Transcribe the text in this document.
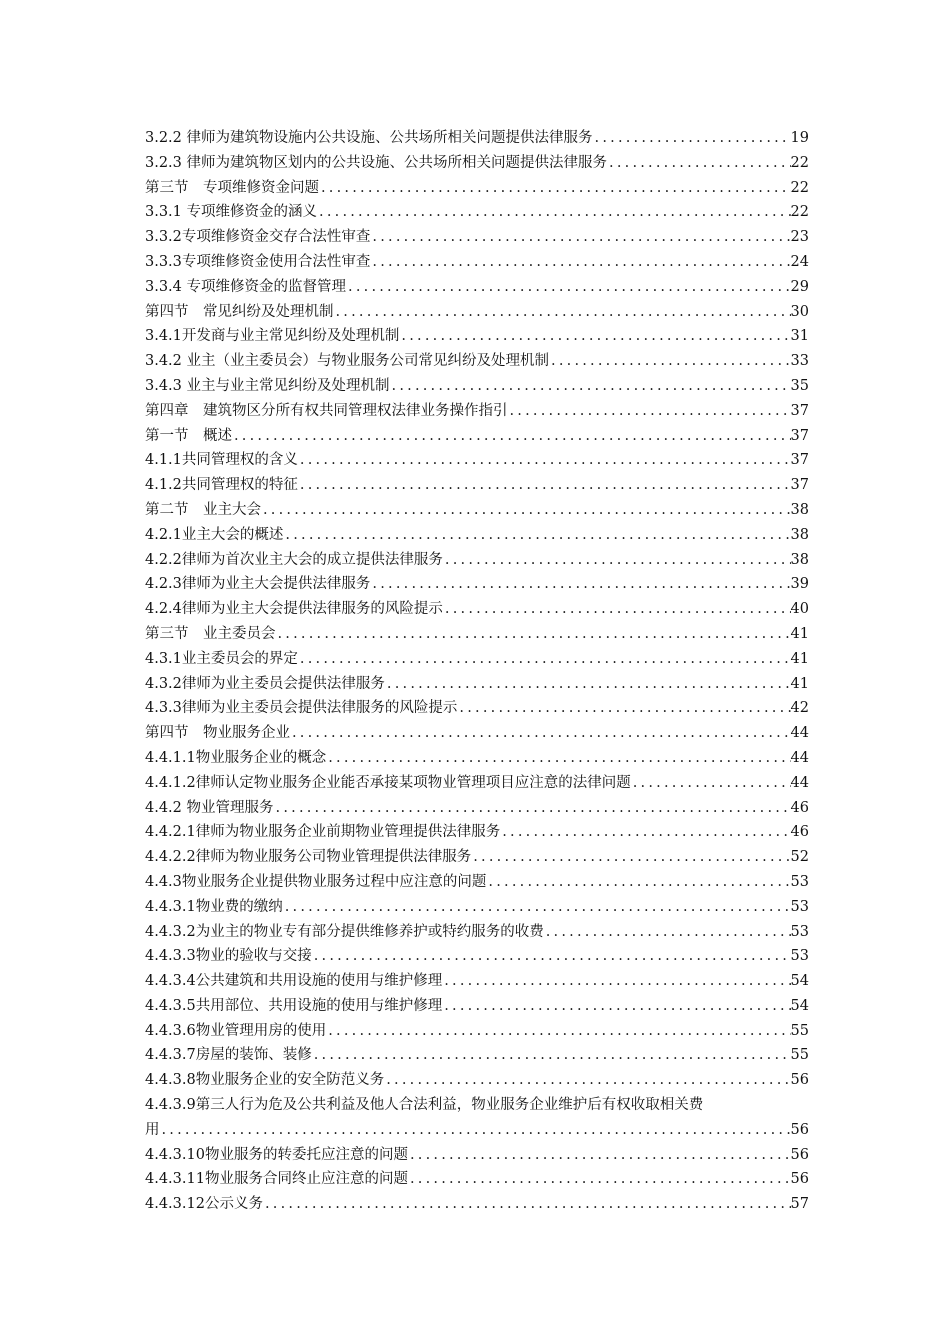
3.2.2 律师为建筑物设施内公共设施、公共场所相关问题提供法律服务 .....	19
3.2.3 律师为建筑物区划内的公共设施、公共场所相关问题提供法律服务 .....	22
第三节　专项维修资金问题 .....	22
3.3.1 专项维修资金的涵义 .....	22
3.3.2专项维修资金交存合法性审查 .....	23
3.3.3专项维修资金使用合法性审查 .....	24
3.3.4 专项维修资金的监督管理 .....	29
第四节　常见纠纷及处理机制 .....	30
3.4.1开发商与业主常见纠纷及处理机制 .....	31
3.4.2 业主（业主委员会）与物业服务公司常见纠纷及处理机制 .....	33
3.4.3 业主与业主常见纠纷及处理机制 .....	35
第四章　建筑物区分所有权共同管理权法律业务操作指引 .....	37
第一节　概述 .....	37
4.1.1共同管理权的含义 .....	37
4.1.2共同管理权的特征 .....	37
第二节　业主大会 .....	38
4.2.1业主大会的概述 .....	38
4.2.2律师为首次业主大会的成立提供法律服务 .....	38
4.2.3律师为业主大会提供法律服务 .....	39
4.2.4律师为业主大会提供法律服务的风险提示 .....	40
第三节　业主委员会 .....	41
4.3.1业主委员会的界定 .....	41
4.3.2律师为业主委员会提供法律服务 .....	41
4.3.3律师为业主委员会提供法律服务的风险提示 .....	42
第四节　物业服务企业 .....	44
4.4.1.1物业服务企业的概念 .....	44
4.4.1.2律师认定物业服务企业能否承接某项物业管理项目应注意的法律问题 .....	44
4.4.2 物业管理服务 .....	46
4.4.2.1律师为物业服务企业前期物业管理提供法律服务 .....	46
4.4.2.2律师为物业服务公司物业管理提供法律服务 .....	52
4.4.3物业服务企业提供物业服务过程中应注意的问题 .....	53
4.4.3.1物业费的缴纳 .....	53
4.4.3.2为业主的物业专有部分提供维修养护或特约服务的收费 .....	53
4.4.3.3物业的验收与交接 .....	53
4.4.3.4公共建筑和共用设施的使用与维护修理 .....	54
4.4.3.5共用部位、共用设施的使用与维护修理 .....	54
4.4.3.6物业管理用房的使用 .....	55
4.4.3.7房屋的装饰、装修 .....	55
4.4.3.8物业服务企业的安全防范义务 .....	56
4.4.3.9第三人行为危及公共利益及他人合法利益，物业服务企业维护后有权收取相关费
用 .....	56
4.4.3.10物业服务的转委托应注意的问题 .....	56
4.4.3.11物业服务合同终止应注意的问题 .....	56
4.4.3.12公示义务 .....	57
